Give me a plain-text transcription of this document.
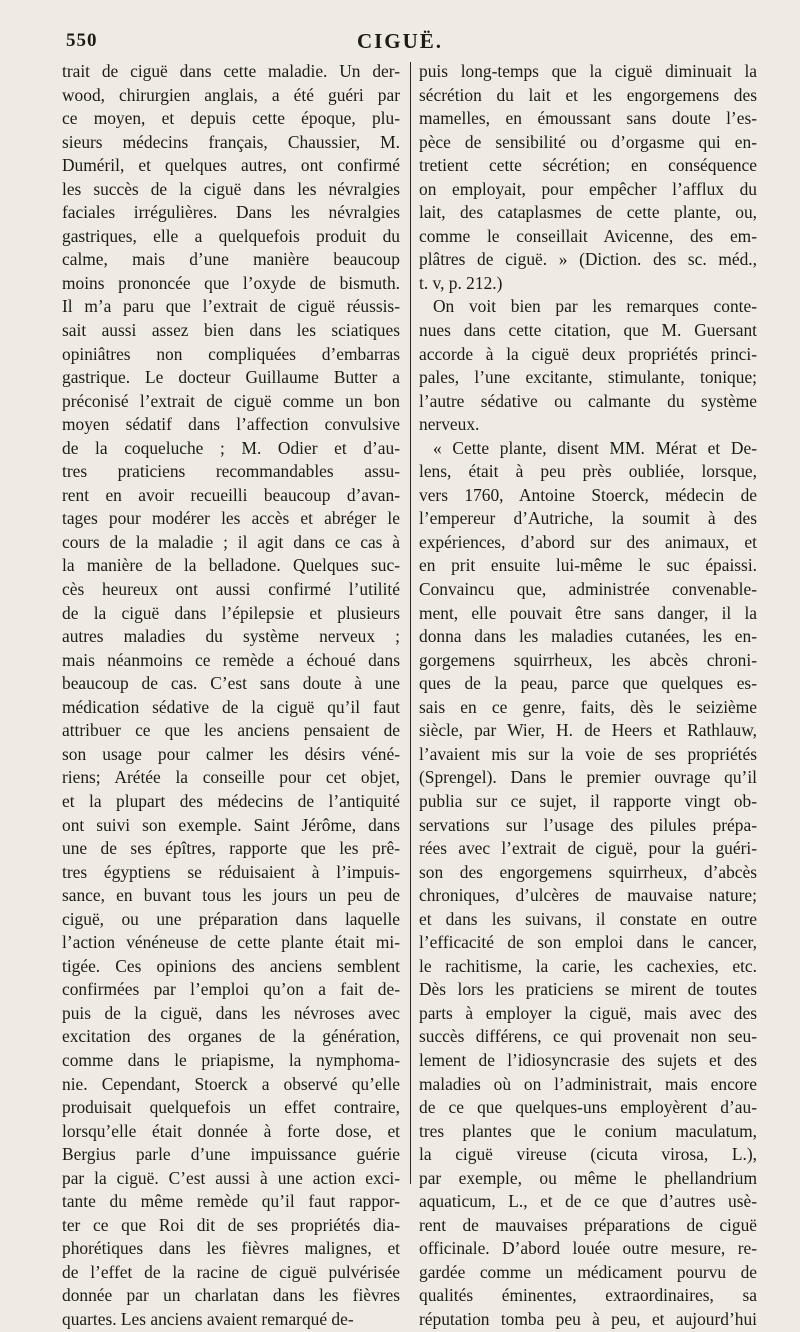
550	CIGUË.
trait de ciguë dans cette maladie. Un der-
wood, chirurgien anglais, a été guéri par
ce moyen, et depuis cette époque, plu-
sieurs médecins français, Chaussier, M.
Duméril, et quelques autres, ont confirmé
les succès de la ciguë dans les névralgies
faciales irrégulières. Dans les névralgies
gastriques, elle a quelquefois produit du
calme, mais d’une manière beaucoup
moins prononcée que l’oxyde de bismuth.
Il m’a paru que l’extrait de ciguë réussis-
sait aussi assez bien dans les sciatiques
opiniâtres non compliquées d’embarras
gastrique. Le docteur Guillaume Butter a
préconisé l’extrait de ciguë comme un bon
moyen sédatif dans l’affection convulsive
de la coqueluche ; M. Odier et d’au-
tres praticiens recommandables assu-
rent en avoir recueilli beaucoup d’avan-
tages pour modérer les accès et abréger le
cours de la maladie ; il agit dans ce cas à
la manière de la belladone. Quelques suc-
cès heureux ont aussi confirmé l’utilité
de la ciguë dans l’épilepsie et plusieurs
autres maladies du système nerveux ;
mais néanmoins ce remède a échoué dans
beaucoup de cas. C’est sans doute à une
médication sédative de la ciguë qu’il faut
attribuer ce que les anciens pensaient de
son usage pour calmer les désirs véné-
riens; Arétée la conseille pour cet objet,
et la plupart des médecins de l’antiquité
ont suivi son exemple. Saint Jérôme, dans
une de ses épîtres, rapporte que les prê-
tres égyptiens se réduisaient à l’impuis-
sance, en buvant tous les jours un peu de
ciguë, ou une préparation dans laquelle
l’action vénéneuse de cette plante était mi-
tigée. Ces opinions des anciens semblent
confirmées par l’emploi qu’on a fait de-
puis de la ciguë, dans les névroses avec
excitation des organes de la génération,
comme dans le priapisme, la nymphoma-
nie. Cependant, Stoerck a observé qu’elle
produisait quelquefois un effet contraire,
lorsqu’elle était donnée à forte dose, et
Bergius parle d’une impuissance guérie
par la ciguë. C’est aussi à une action exci-
tante du même remède qu’il faut rappor-
ter ce que Roi dit de ses propriétés dia-
phorétiques dans les fièvres malignes, et
de l’effet de la racine de ciguë pulvérisée
donnée par un charlatan dans les fièvres
quartes. Les anciens avaient remarqué de-
puis long-temps que la ciguë diminuait la
sécrétion du lait et les engorgemens des
mamelles, en émoussant sans doute l’es-
pèce de sensibilité ou d’orgasme qui en-
tretient cette sécrétion; en conséquence
on employait, pour empêcher l’afflux du
lait, des cataplasmes de cette plante, ou,
comme le conseillait Avicenne, des em-
plâtres de ciguë. » (Diction. des sc. méd.,
t. v, p. 212.)
On voit bien par les remarques conte-
nues dans cette citation, que M. Guersant
accorde à la ciguë deux propriétés princi-
pales, l’une excitante, stimulante, tonique;
l’autre sédative ou calmante du système
nerveux.
« Cette plante, disent MM. Mérat et De-
lens, était à peu près oubliée, lorsque,
vers 1760, Antoine Stoerck, médecin de
l’empereur d’Autriche, la soumit à des
expériences, d’abord sur des animaux, et
en prit ensuite lui-même le suc épaissi.
Convaincu que, administrée convenable-
ment, elle pouvait être sans danger, il la
donna dans les maladies cutanées, les en-
gorgemens squirrheux, les abcès chroni-
ques de la peau, parce que quelques es-
sais en ce genre, faits, dès le seizième
siècle, par Wier, H. de Heers et Rathlauw,
l’avaient mis sur la voie de ses propriétés
(Sprengel). Dans le premier ouvrage qu’il
publia sur ce sujet, il rapporte vingt ob-
servations sur l’usage des pilules prépa-
rées avec l’extrait de ciguë, pour la guéri-
son des engorgemens squirrheux, d’abcès
chroniques, d’ulcères de mauvaise nature;
et dans les suivans, il constate en outre
l’efficacité de son emploi dans le cancer,
le rachitisme, la carie, les cachexies, etc.
Dès lors les praticiens se mirent de toutes
parts à employer la ciguë, mais avec des
succès différens, ce qui provenait non seu-
lement de l’idiosyncrasie des sujets et des
maladies où on l’administrait, mais encore
de ce que quelques-uns employèrent d’au-
tres plantes que le conium maculatum,
la ciguë vireuse (cicuta virosa, L.),
par exemple, ou même le phellandrium
aquaticum, L., et de ce que d’autres usè-
rent de mauvaises préparations de ciguë
officinale. D’abord louée outre mesure, re-
gardée comme un médicament pourvu de
qualités éminentes, extraordinaires, sa
réputation tomba peu à peu, et aujourd’hui
